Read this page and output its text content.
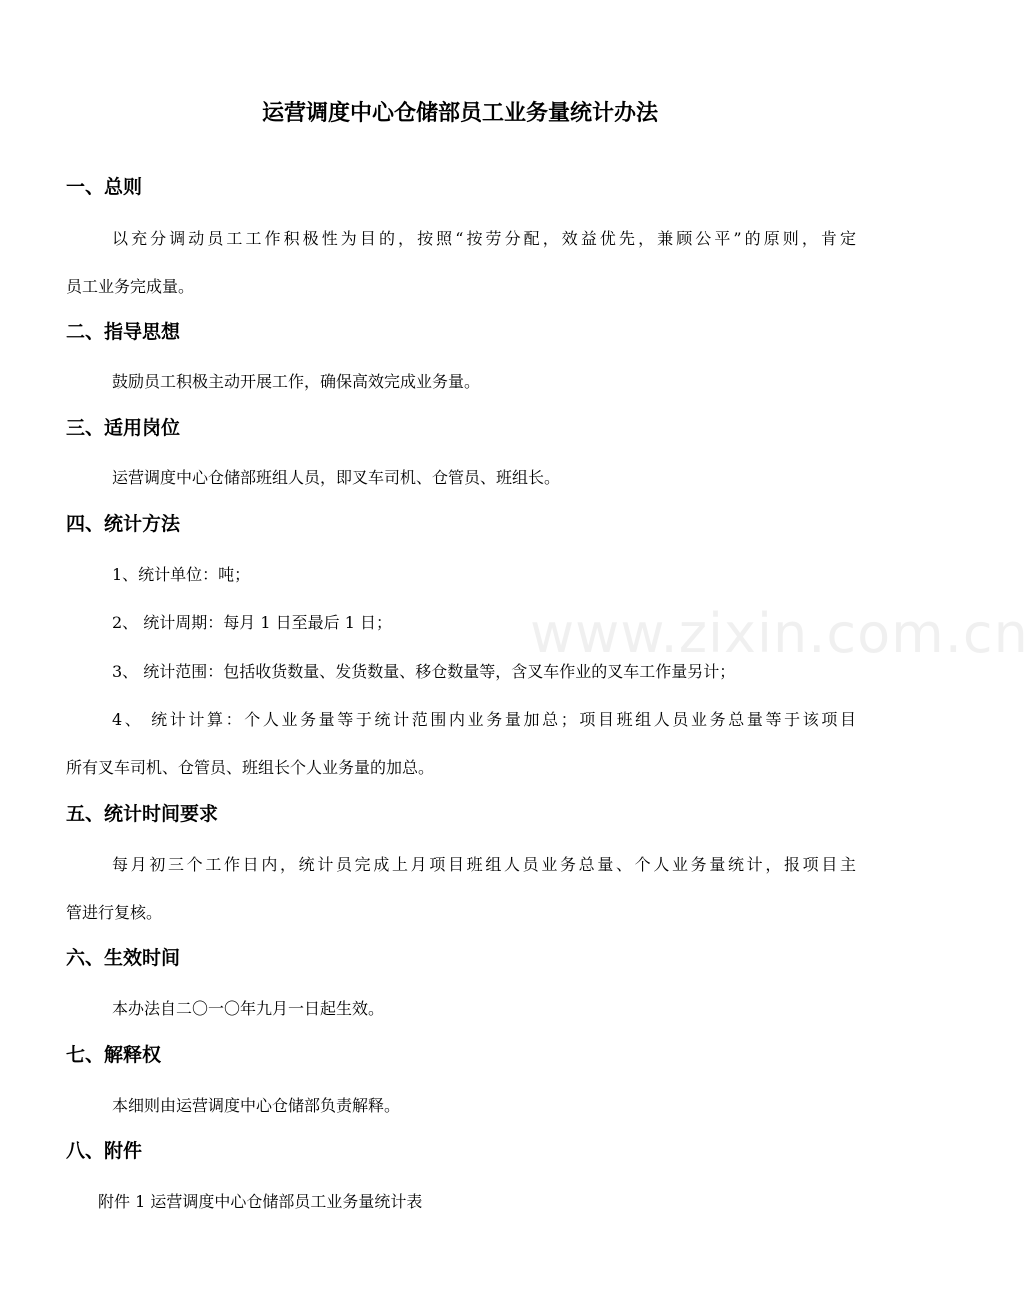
运营调度中心仓储部员工业务量统计办法
一、总则
以充分调动员工工作积极性为目的，按照“按劳分配，效益优先，兼顾公平”的原则，肯定
员工业务完成量。
二、指导思想
鼓励员工积极主动开展工作，确保高效完成业务量。
三、适用岗位
运营调度中心仓储部班组人员，即叉车司机、仓管员、班组长。
四、统计方法
1、统计单位：吨；
2、 统计周期：每月 1 日至最后 1 日；
3、 统计范围：包括收货数量、发货数量、移仓数量等，含叉车作业的叉车工作量另计；
4、 统计计算：个人业务量等于统计范围内业务量加总；项目班组人员业务总量等于该项目
所有叉车司机、仓管员、班组长个人业务量的加总。
五、统计时间要求
每月初三个工作日内，统计员完成上月项目班组人员业务总量、个人业务量统计，报项目主
管进行复核。
六、生效时间
本办法自二〇一〇年九月一日起生效。
七、解释权
本细则由运营调度中心仓储部负责解释。
八、附件
附件 1 运营调度中心仓储部员工业务量统计表
www.zixin.com.cn
